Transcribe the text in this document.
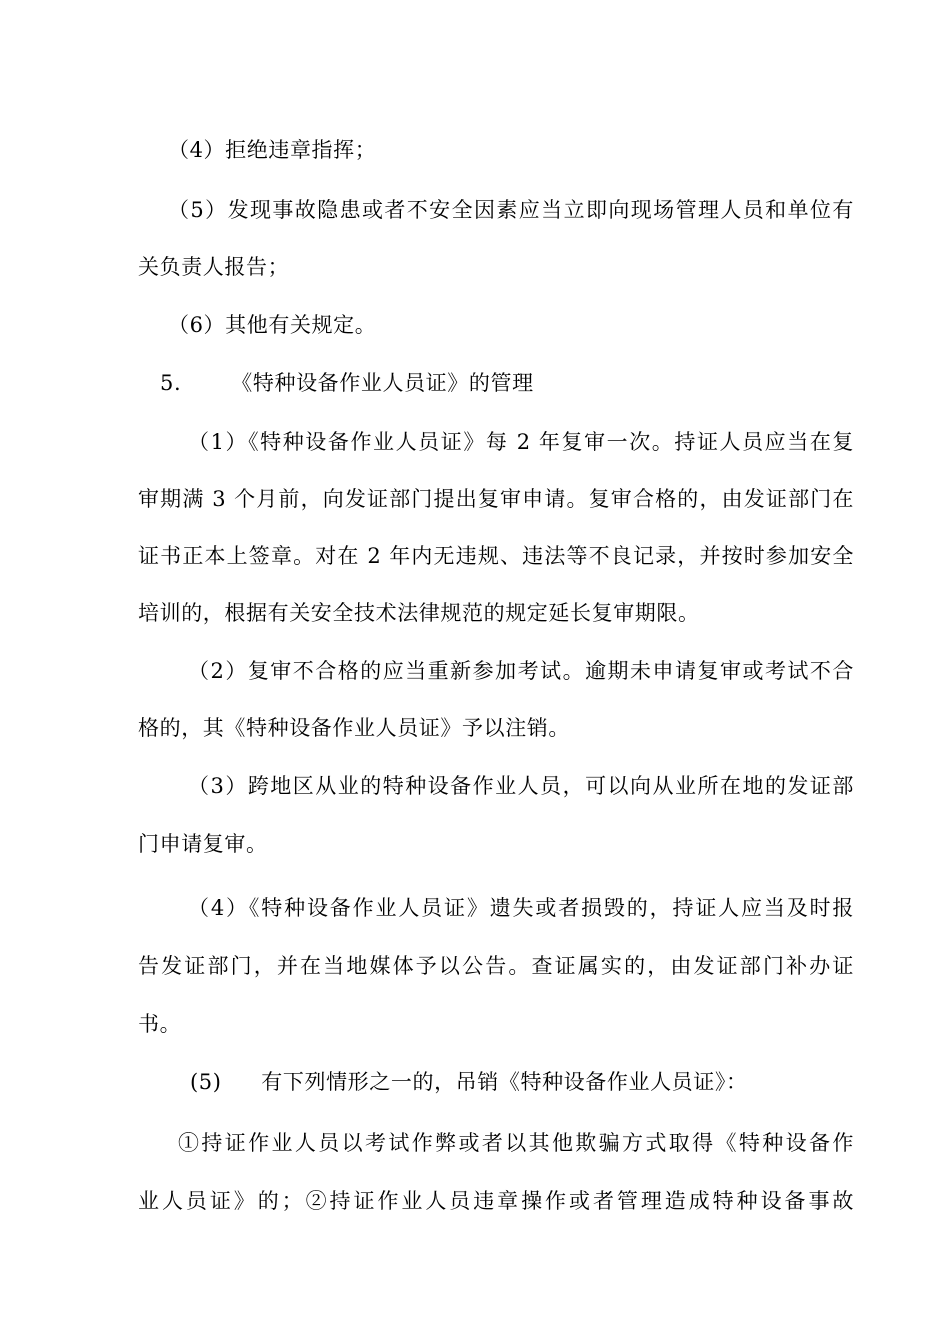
（4）拒绝违章指挥；
（5）发现事故隐患或者不安全因素应当立即向现场管理人员和单位有
关负责人报告；
（6）其他有关规定。
5. 《特种设备作业人员证》的管理
（1）《特种设备作业人员证》每 2 年复审一次。持证人员应当在复
审期满 3 个月前，向发证部门提出复审申请。复审合格的，由发证部门在
证书正本上签章。对在 2 年内无违规、违法等不良记录，并按时参加安全
培训的，根据有关安全技术法律规范的规定延长复审期限。
（2）复审不合格的应当重新参加考试。逾期未申请复审或考试不合
格的，其《特种设备作业人员证》予以注销。
（3）跨地区从业的特种设备作业人员，可以向从业所在地的发证部
门申请复审。
（4）《特种设备作业人员证》遗失或者损毁的，持证人应当及时报
告发证部门，并在当地媒体予以公告。查证属实的，由发证部门补办证
书。
(5) 有下列情形之一的，吊销《特种设备作业人员证》：
①持证作业人员以考试作弊或者以其他欺骗方式取得《特种设备作
业人员证》的；②持证作业人员违章操作或者管理造成特种设备事故
